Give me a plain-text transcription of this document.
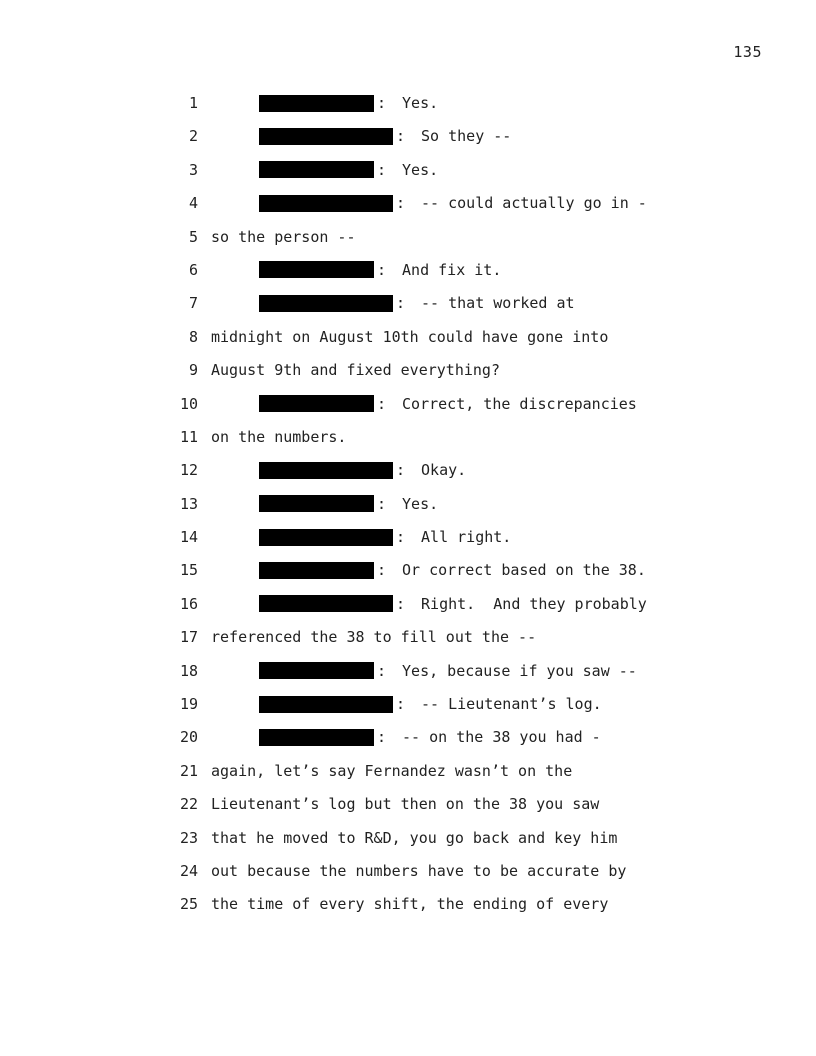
135
1	: Yes.
2	: So they --
3	: Yes.
4	: -- could actually go in -
5 so the person --
6	: And fix it.
7	: -- that worked at
8 midnight on August 10th could have gone into
9 August 9th and fixed everything?
10	: Correct, the discrepancies
11 on the numbers.
12	: Okay.
13	: Yes.
14	: All right.
15	: Or correct based on the 38.
16	: Right.  And they probably
17 referenced the 38 to fill out the --
18	: Yes, because if you saw --
19	: -- Lieutenant’s log.
20	: -- on the 38 you had -
21 again, let’s say Fernandez wasn’t on the
22 Lieutenant’s log but then on the 38 you saw
23 that he moved to R&D, you go back and key him
24 out because the numbers have to be accurate by
25 the time of every shift, the ending of every
